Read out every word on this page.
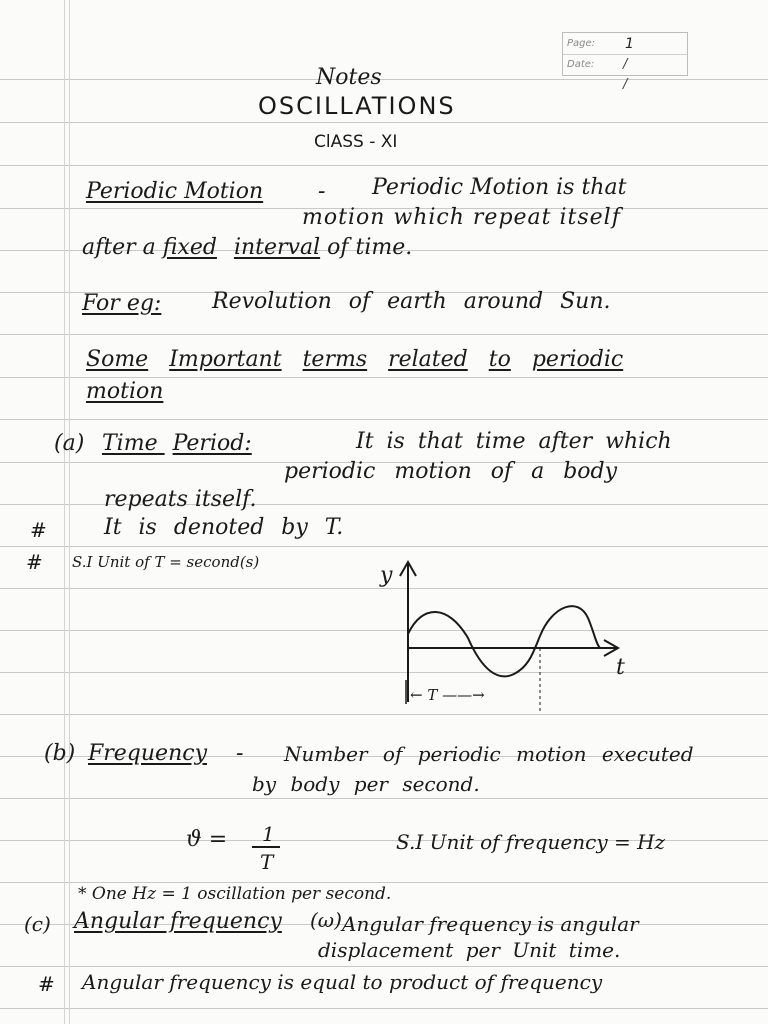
Page: 1
Date: / /
Notes
OSCILLATIONS
ClASS - XI
Periodic Motion - Periodic Motion is that
motion which repeat itself
after a fixed interval of time.
For eg: Revolution of earth around Sun.
Some Important terms related to periodic
motion
(a) Time Period:	It is that time after which
periodic motion of a body
repeats itself.
#	It is denoted by T.
# S.I Unit of T = second(s)
y
t
← T ——→
(b) Frequency - Number of periodic motion executed
by body per second.
ϑ = 1
T
S.I Unit of frequency = Hz
* One Hz = 1 oscillation per second.
(c) Angular frequency (ω) Angular frequency is angular
displacement per Unit time.
# Angular frequency is equal to product of frequency
